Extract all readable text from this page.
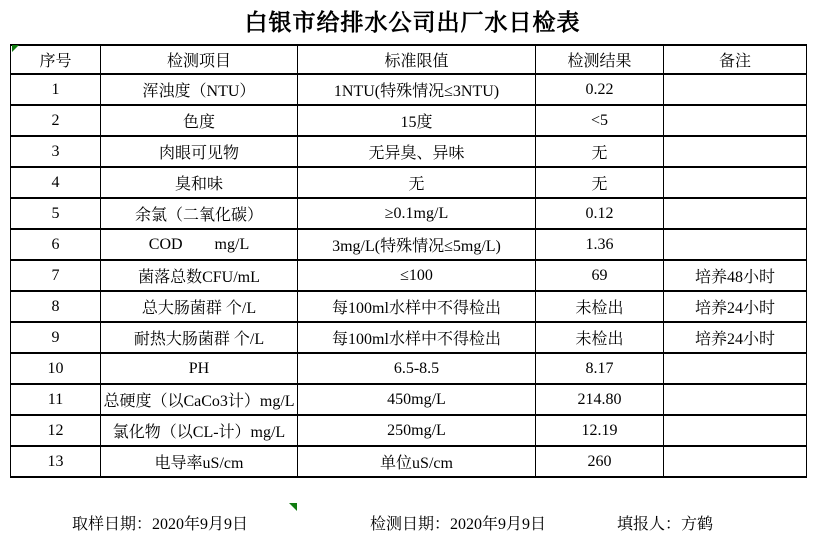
白银市给排水公司出厂水日检表
序号	检测项目	标准限值	检测结果	备注
1	浑浊度（NTU）	1NTU(特殊情况≤3NTU)	0.22	
2	色度	15度	<5	
3	肉眼可见物	无异臭、异味	无	
4	臭和味	无	无	
5	余氯（二氧化碳）	≥0.1mg/L	0.12	
6	COD        mg/L	3mg/L(特殊情况≤5mg/L)	1.36	
7	菌落总数CFU/mL	≤100	69	培养48小时
8	总大肠菌群 个/L	每100ml水样中不得检出	未检出	培养24小时
9	耐热大肠菌群 个/L	每100ml水样中不得检出	未检出	培养24小时
10	PH	6.5-8.5	8.17	
11	总硬度（以CaCo3计）mg/L	450mg/L	214.80	
12	氯化物（以CL-计）mg/L	250mg/L	12.19	
13	电导率uS/cm	单位uS/cm	260	
取样日期：2020年9月9日	检测日期：2020年9月9日	填报人：方鹤
